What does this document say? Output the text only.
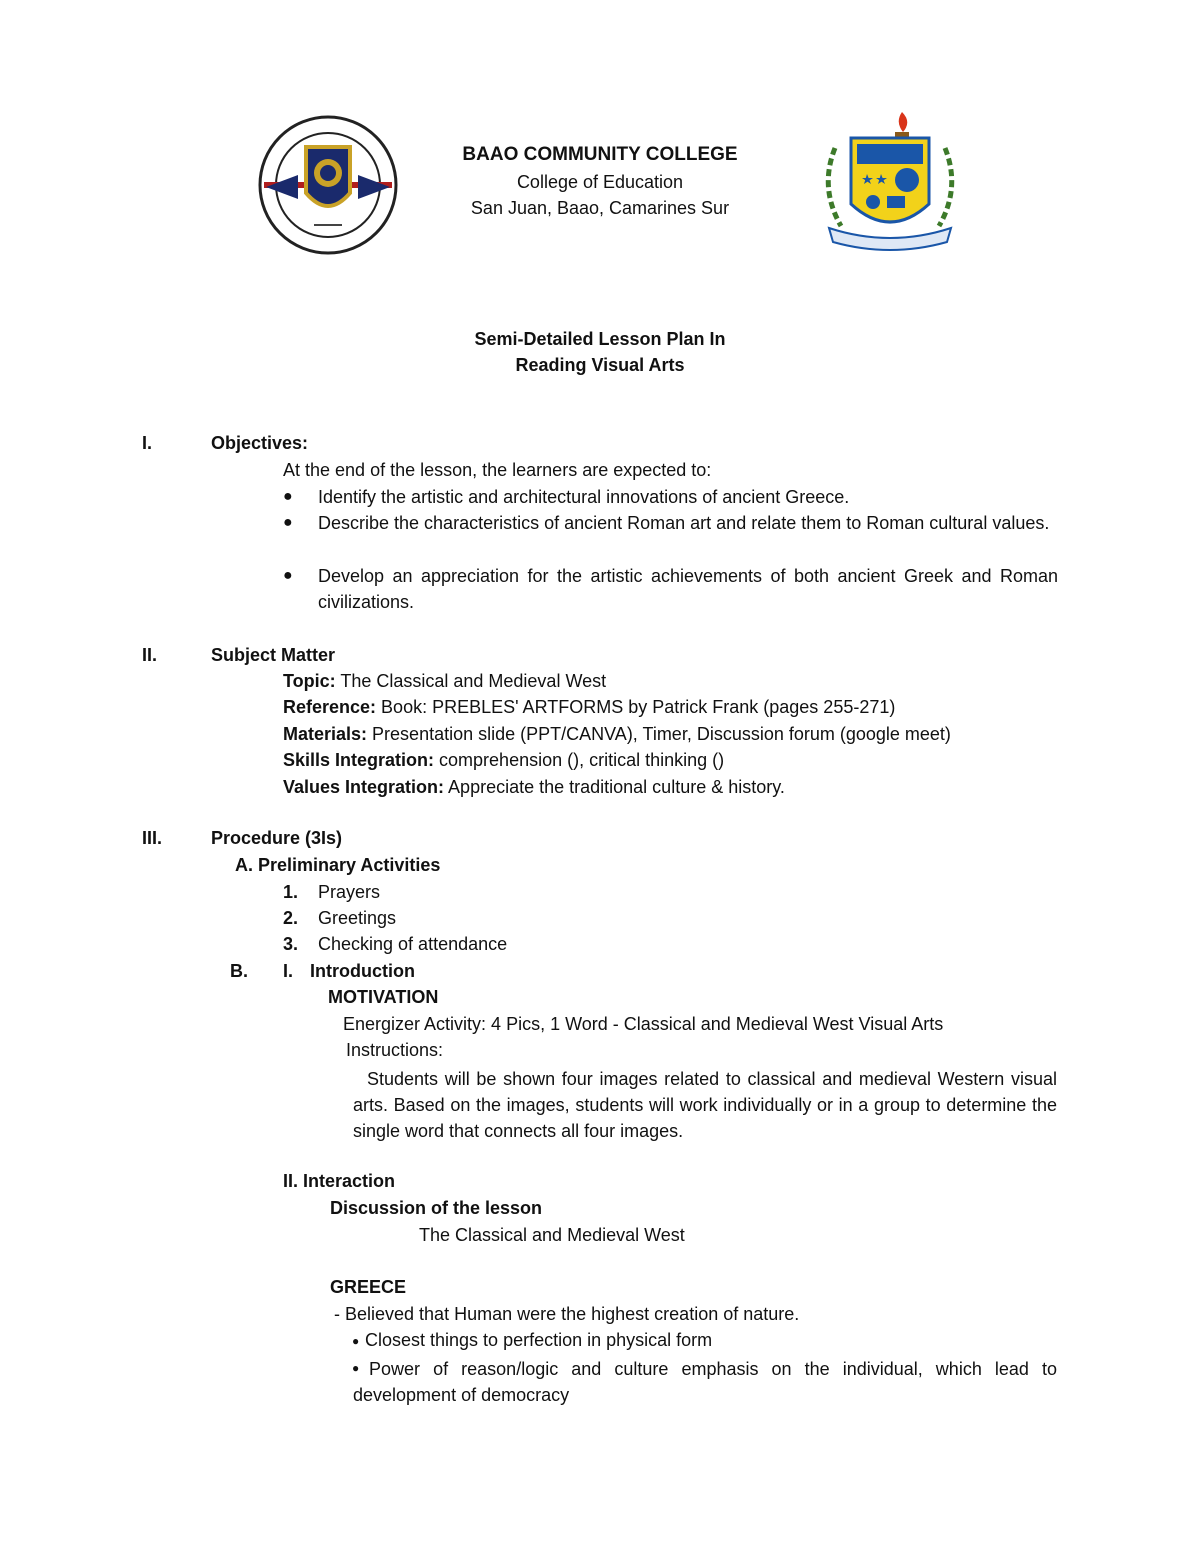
BAAO COMMUNITY COLLEGE
College of Education
San Juan, Baao, Camarines Sur
Semi-Detailed Lesson Plan In
Reading Visual Arts
I.	Objectives:
At the end of the lesson, the learners are expected to:
● Identify the artistic and architectural innovations of ancient Greece.
● Describe the characteristics of ancient Roman art and relate them to Roman cultural values.
● Develop an appreciation for the artistic achievements of both ancient Greek and Roman civilizations.
II.	Subject Matter
Topic: The Classical and Medieval West
Reference: Book: PREBLES' ARTFORMS by Patrick Frank (pages 255-271)
Materials: Presentation slide (PPT/CANVA), Timer, Discussion forum (google meet)
Skills Integration: comprehension (), critical thinking ()
Values Integration: Appreciate the traditional culture & history.
III.	Procedure (3Is)
A. Preliminary Activities
1. Prayers
2. Greetings
3. Checking of attendance
B. I. Introduction
MOTIVATION
Energizer Activity: 4 Pics, 1 Word - Classical and Medieval West Visual Arts
Instructions:
Students will be shown four images related to classical and medieval Western visual arts. Based on the images, students will work individually or in a group to determine the single word that connects all four images.
II. Interaction
Discussion of the lesson
The Classical and Medieval West
GREECE
- Believed that Human were the highest creation of nature.
● Closest things to perfection in physical form
● Power of reason/logic and culture emphasis on the individual, which lead to development of democracy
